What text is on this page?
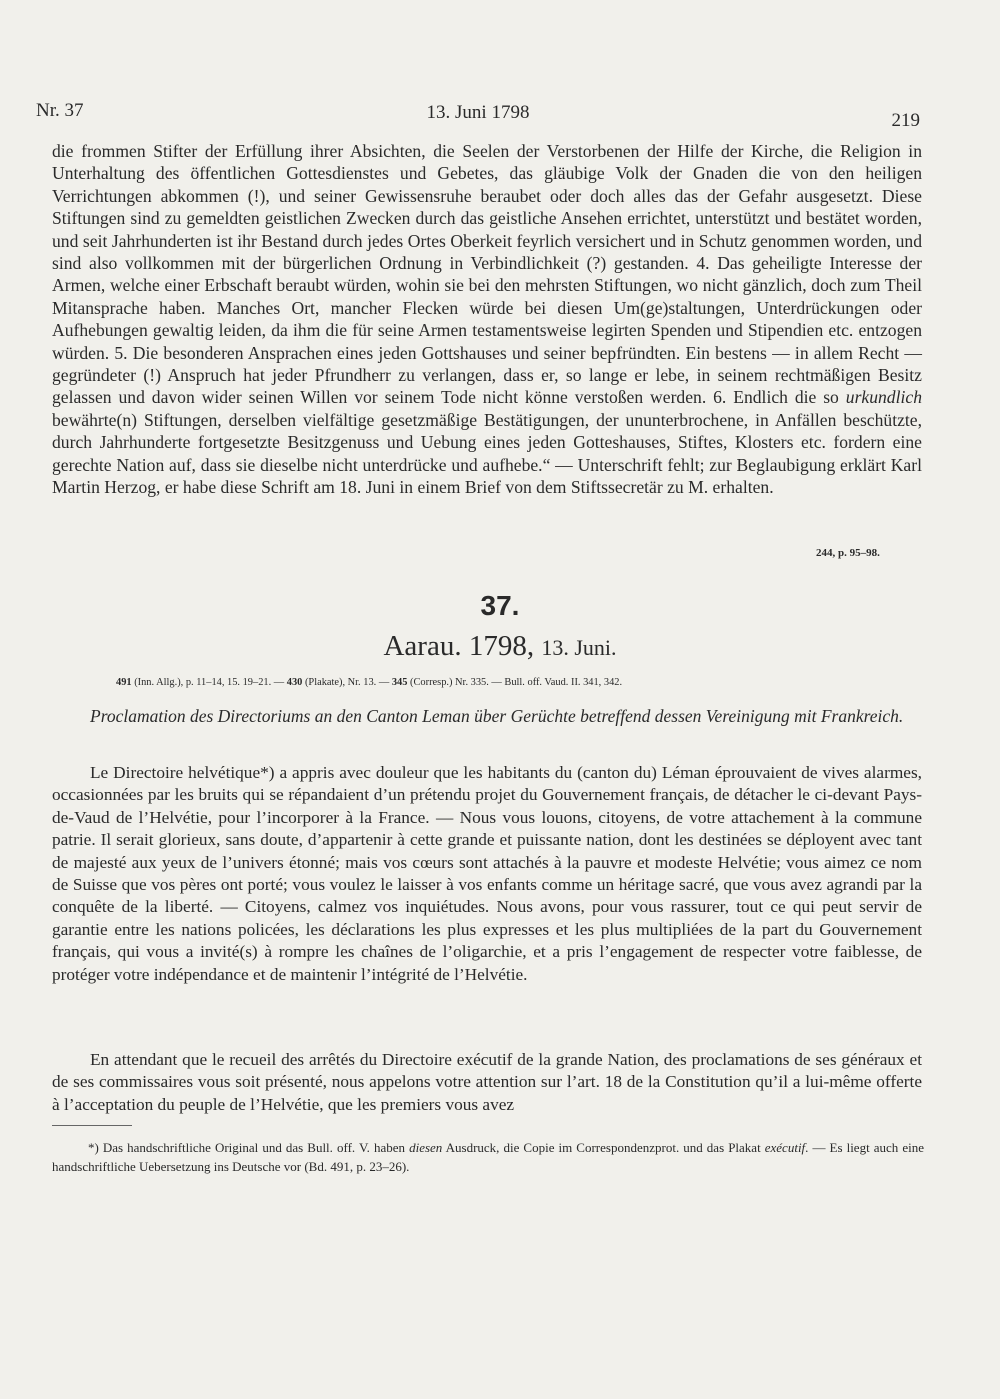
Nr. 37	13. Juni 1798	219

die frommen Stifter der Erfüllung ihrer Absichten, die Seelen der Verstorbenen der Hilfe der Kirche, die Religion in Unterhaltung des öffentlichen Gottesdienstes und Gebetes, das gläubige Volk der Gnaden die von den heiligen Verrichtungen abkommen (!), und seiner Gewissensruhe beraubet oder doch alles das der Gefahr ausgesetzt. Diese Stiftungen sind zu gemeldten geistlichen Zwecken durch das geistliche Ansehen errichtet, unterstützt und bestätet worden, und seit Jahrhunderten ist ihr Bestand durch jedes Ortes Oberkeit feyrlich versichert und in Schutz genommen worden, und sind also vollkommen mit der bürgerlichen Ordnung in Verbindlichkeit (?) gestanden. 4. Das geheiligte Interesse der Armen, welche einer Erbschaft beraubt würden, wohin sie bei den mehrsten Stiftungen, wo nicht gänzlich, doch zum Theil Mitansprache haben. Manches Ort, mancher Flecken würde bei diesen Um(ge)staltungen, Unterdrückungen oder Aufhebungen gewaltig leiden, da ihm die für seine Armen testamentsweise legirten Spenden und Stipendien etc. entzogen würden. 5. Die besonderen Ansprachen eines jeden Gottshauses und seiner bepfründten. Ein bestens — in allem Recht — gegründeter (!) Anspruch hat jeder Pfrundherr zu verlangen, dass er, so lange er lebe, in seinem rechtmäßigen Besitz gelassen und davon wider seinen Willen vor seinem Tode nicht könne verstoßen werden. 6. Endlich die so urkundlich bewährte(n) Stiftungen, derselben vielfältige gesetzmäßige Bestätigungen, der ununterbrochene, in Anfällen beschützte, durch Jahrhunderte fortgesetzte Besitzgenuss und Uebung eines jeden Gotteshauses, Stiftes, Klosters etc. fordern eine gerechte Nation auf, dass sie dieselbe nicht unterdrücke und aufhebe.“ — Unterschrift fehlt; zur Beglaubigung erklärt Karl Martin Herzog, er habe diese Schrift am 18. Juni in einem Brief von dem Stiftssecretär zu M. erhalten.

244, p. 95–98.
37.
Aarau. 1798, 13. Juni.
491 (Inn. Allg.), p. 11–14, 15. 19–21. — 430 (Plakate), Nr. 13. — 345 (Corresp.) Nr. 335. — Bull. off. Vaud. II. 341, 342.

Proclamation des Directoriums an den Canton Leman über Gerüchte betreffend dessen Vereinigung mit Frankreich.

Le Directoire helvétique*) a appris avec douleur que les habitants du (canton du) Léman éprouvaient de vives alarmes, occasionnées par les bruits qui se répandaient d’un prétendu projet du Gouvernement français, de détacher le ci-devant Pays-de-Vaud de l’Helvétie, pour l’incorporer à la France. — Nous vous louons, citoyens, de votre attachement à la commune patrie. Il serait glorieux, sans doute, d’appartenir à cette grande et puissante nation, dont les destinées se déployent avec tant de majesté aux yeux de l’univers étonné; mais vos cœurs sont attachés à la pauvre et modeste Helvétie; vous aimez ce nom de Suisse que vos pères ont porté; vous voulez le laisser à vos enfants comme un héritage sacré, que vous avez agrandi par la conquête de la liberté. — Citoyens, calmez vos inquiétudes. Nous avons, pour vous rassurer, tout ce qui peut servir de garantie entre les nations policées, les déclarations les plus expresses et les plus multipliées de la part du Gouvernement français, qui vous a invité(s) à rompre les chaînes de l’oligarchie, et a pris l’engagement de respecter votre faiblesse, de protéger votre indépendance et de maintenir l’intégrité de l’Helvétie.

En attendant que le recueil des arrêtés du Directoire exécutif de la grande Nation, des proclamations de ses généraux et de ses commissaires vous soit présenté, nous appelons votre attention sur l’art. 18 de la Constitution qu’il a lui-même offerte à l’acceptation du peuple de l’Helvétie, que les premiers vous avez

*) Das handschriftliche Original und das Bull. off. V. haben diesen Ausdruck, die Copie im Correspondenzprot. und das Plakat exécutif. — Es liegt auch eine handschriftliche Uebersetzung ins Deutsche vor (Bd. 491, p. 23–26).
